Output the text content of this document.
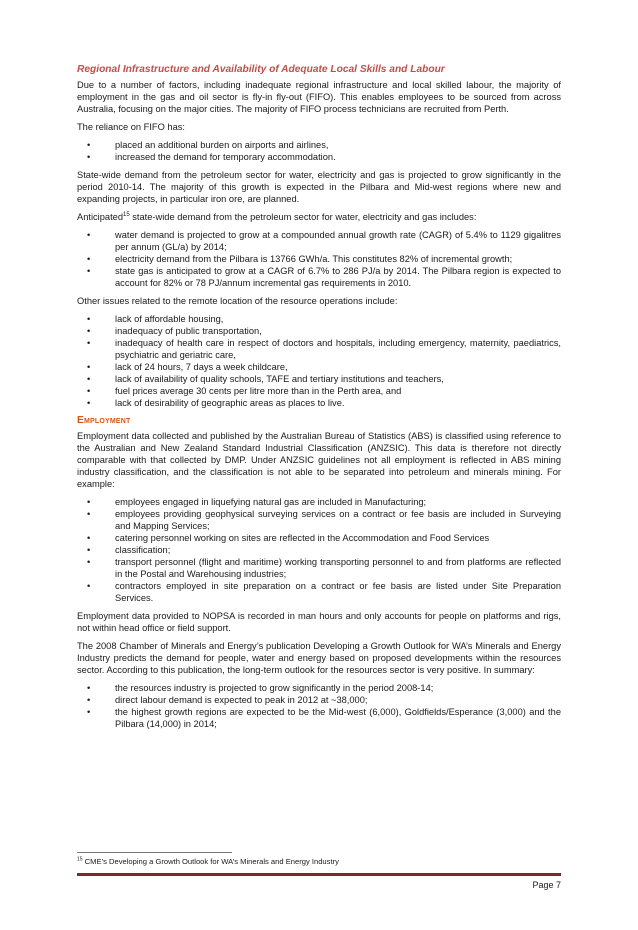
Regional Infrastructure and Availability of Adequate Local Skills and Labour

Due to a number of factors, including inadequate regional infrastructure and local skilled labour, the majority of employment in the gas and oil sector is fly-in fly-out (FIFO). This enables employees to be sourced from across Australia, focusing on the major cities. The majority of FIFO process technicians are recruited from Perth.

The reliance on FIFO has:

•	placed an additional burden on airports and airlines,
•	increased the demand for temporary accommodation.

State-wide demand from the petroleum sector for water, electricity and gas is projected to grow significantly in the period 2010-14. The majority of this growth is expected in the Pilbara and Mid-west regions where new and expanding projects, in particular iron ore, are planned.

Anticipated$^{15}$ state-wide demand from the petroleum sector for water, electricity and gas includes:

•	water demand is projected to grow at a compounded annual growth rate (CAGR) of 5.4% to 1129 gigalitres per annum (GL/a) by 2014;
•	electricity demand from the Pilbara is 13766 GWh/a. This constitutes 82% of incremental growth;
•	state gas is anticipated to grow at a CAGR of 6.7% to 286 PJ/a by 2014. The Pilbara region is expected to account for 82% or 78 PJ/annum incremental gas requirements in 2010.

Other issues related to the remote location of the resource operations include:

•	lack of affordable housing,
•	inadequacy of public transportation,
•	inadequacy of health care in respect of doctors and hospitals, including emergency, maternity, paediatrics, psychiatric and geriatric care,
•	lack of 24 hours, 7 days a week childcare,
•	lack of availability of quality schools, TAFE and tertiary institutions and teachers,
•	fuel prices average 30 cents per litre more than in the Perth area, and
•	lack of desirability of geographic areas as places to live.
Employment

Employment data collected and published by the Australian Bureau of Statistics (ABS) is classified using reference to the Australian and New Zealand Standard Industrial Classification (ANZSIC). This data is therefore not directly comparable with that collected by DMP. Under ANZSIC guidelines not all employment is reflected in ABS mining industry classification, and the classification is not able to be separated into petroleum and minerals mining. For example:

•	employees engaged in liquefying natural gas are included in Manufacturing;
•	employees providing geophysical surveying services on a contract or fee basis are included in Surveying and Mapping Services;
•	catering personnel working on sites are reflected in the Accommodation and Food Services
•	classification;
•	transport personnel (flight and maritime) working transporting personnel to and from platforms are reflected in the Postal and Warehousing industries;
•	contractors employed in site preparation on a contract or fee basis are listed under Site Preparation Services.

Employment data provided to NOPSA is recorded in man hours and only accounts for people on platforms and rigs, not within head office or field support.

The 2008 Chamber of Minerals and Energy’s publication Developing a Growth Outlook for WA’s Minerals and Energy Industry predicts the demand for people, water and energy based on proposed developments within the resources sector. According to this publication, the long-term outlook for the resources sector is very positive. In summary:

•	the resources industry is projected to grow significantly in the period 2008-14;
•	direct labour demand is expected to peak in 2012 at ~38,000;
•	the highest growth regions are expected to be the Mid-west (6,000), Goldfields/Esperance (3,000) and the Pilbara (14,000) in 2014;
$^{15}$ CME’s Developing a Growth Outlook for WA’s Minerals and Energy Industry
Page 7
